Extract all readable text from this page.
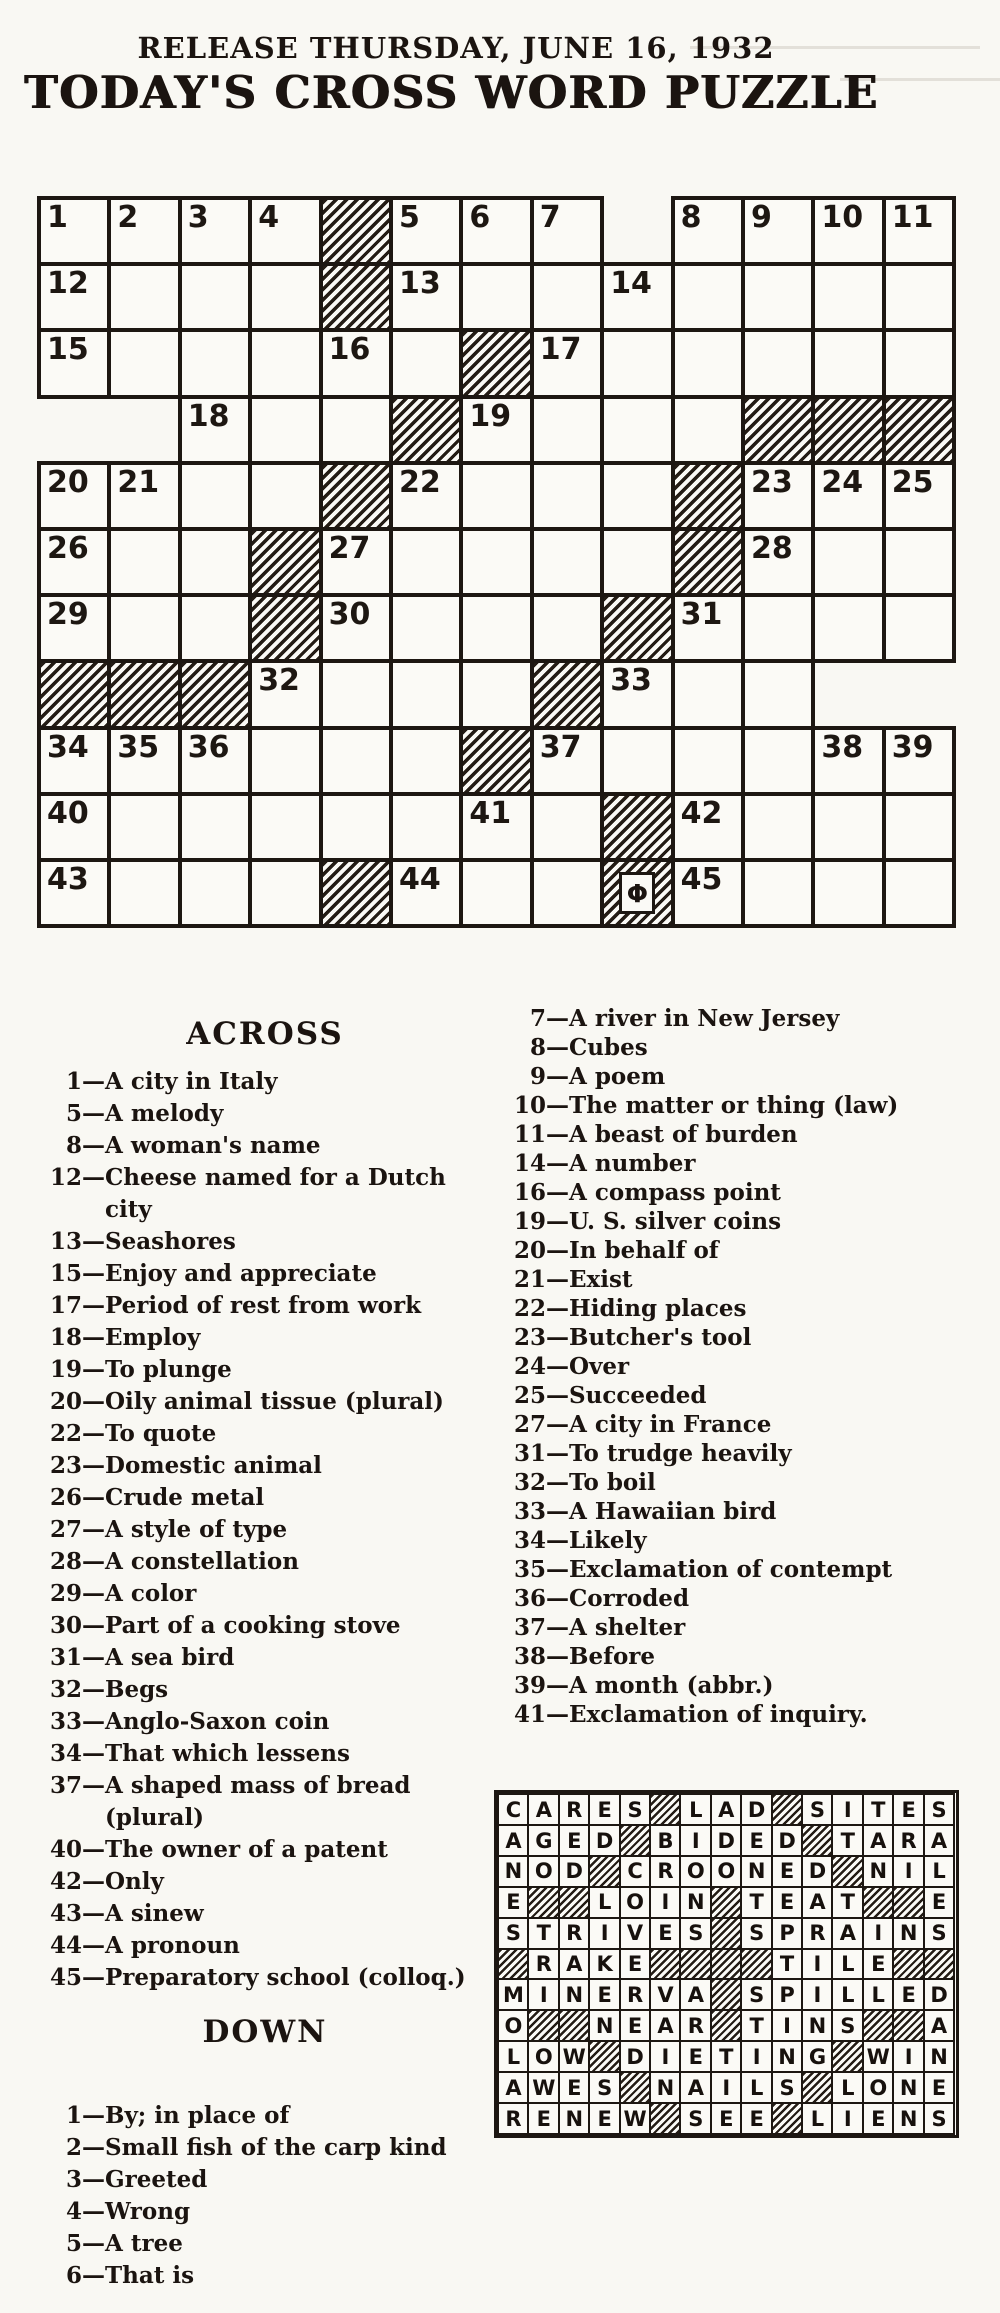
RELEASE THURSDAY, JUNE 16, 1932
TODAY'S CROSS WORD PUZZLE
1	2	3	4	5	6	7	8	9	10 11
12	13	14
15	16	17
18	19
20 21	22	23 24 25
26	27	28
29	30	31
32	33
34 35 36	37	38 39
40	41	42
43	44	Φ 45
ACROSS
1—A city in Italy
5—A melody
8—A woman's name
12—Cheese named for a Dutch
city
13—Seashores
15—Enjoy and appreciate
17—Period of rest from work
18—Employ
19—To plunge
20—Oily animal tissue (plural)
22—To quote
23—Domestic animal
26—Crude metal
27—A style of type
28—A constellation
29—A color
30—Part of a cooking stove
31—A sea bird
32—Begs
33—Anglo-Saxon coin
34—That which lessens
37—A shaped mass of bread
(plural)
40—The owner of a patent
42—Only
43—A sinew
44—A pronoun
45—Preparatory school (colloq.)
DOWN
1—By; in place of
2—Small fish of the carp kind
3—Greeted
4—Wrong
5—A tree
6—That is
7—A river in New Jersey
8—Cubes
9—A poem
10—The matter or thing (law)
11—A beast of burden
14—A number
16—A compass point
19—U. S. silver coins
20—In behalf of
21—Exist
22—Hiding places
23—Butcher's tool
24—Over
25—Succeeded
27—A city in France
31—To trudge heavily
32—To boil
33—A Hawaiian bird
34—Likely
35—Exclamation of contempt
36—Corroded
37—A shelter
38—Before
39—A month (abbr.)
41—Exclamation of inquiry.
C A R E S	L A D	S I T E S
A G E D	B I D E D	T A R A
N O D	C R O O N E D	N I L
E	L O I N	T E A T	E
S T R I V E S	S P R A I N S
R A K E	T I L E
M I N E R V A	S P I L L E D
O	N E A R	T I N S	A
L O W	D I E T I N G	W I N
A W E S	N A I L S	L O N E
R E N E W	S E E	L I E N S
